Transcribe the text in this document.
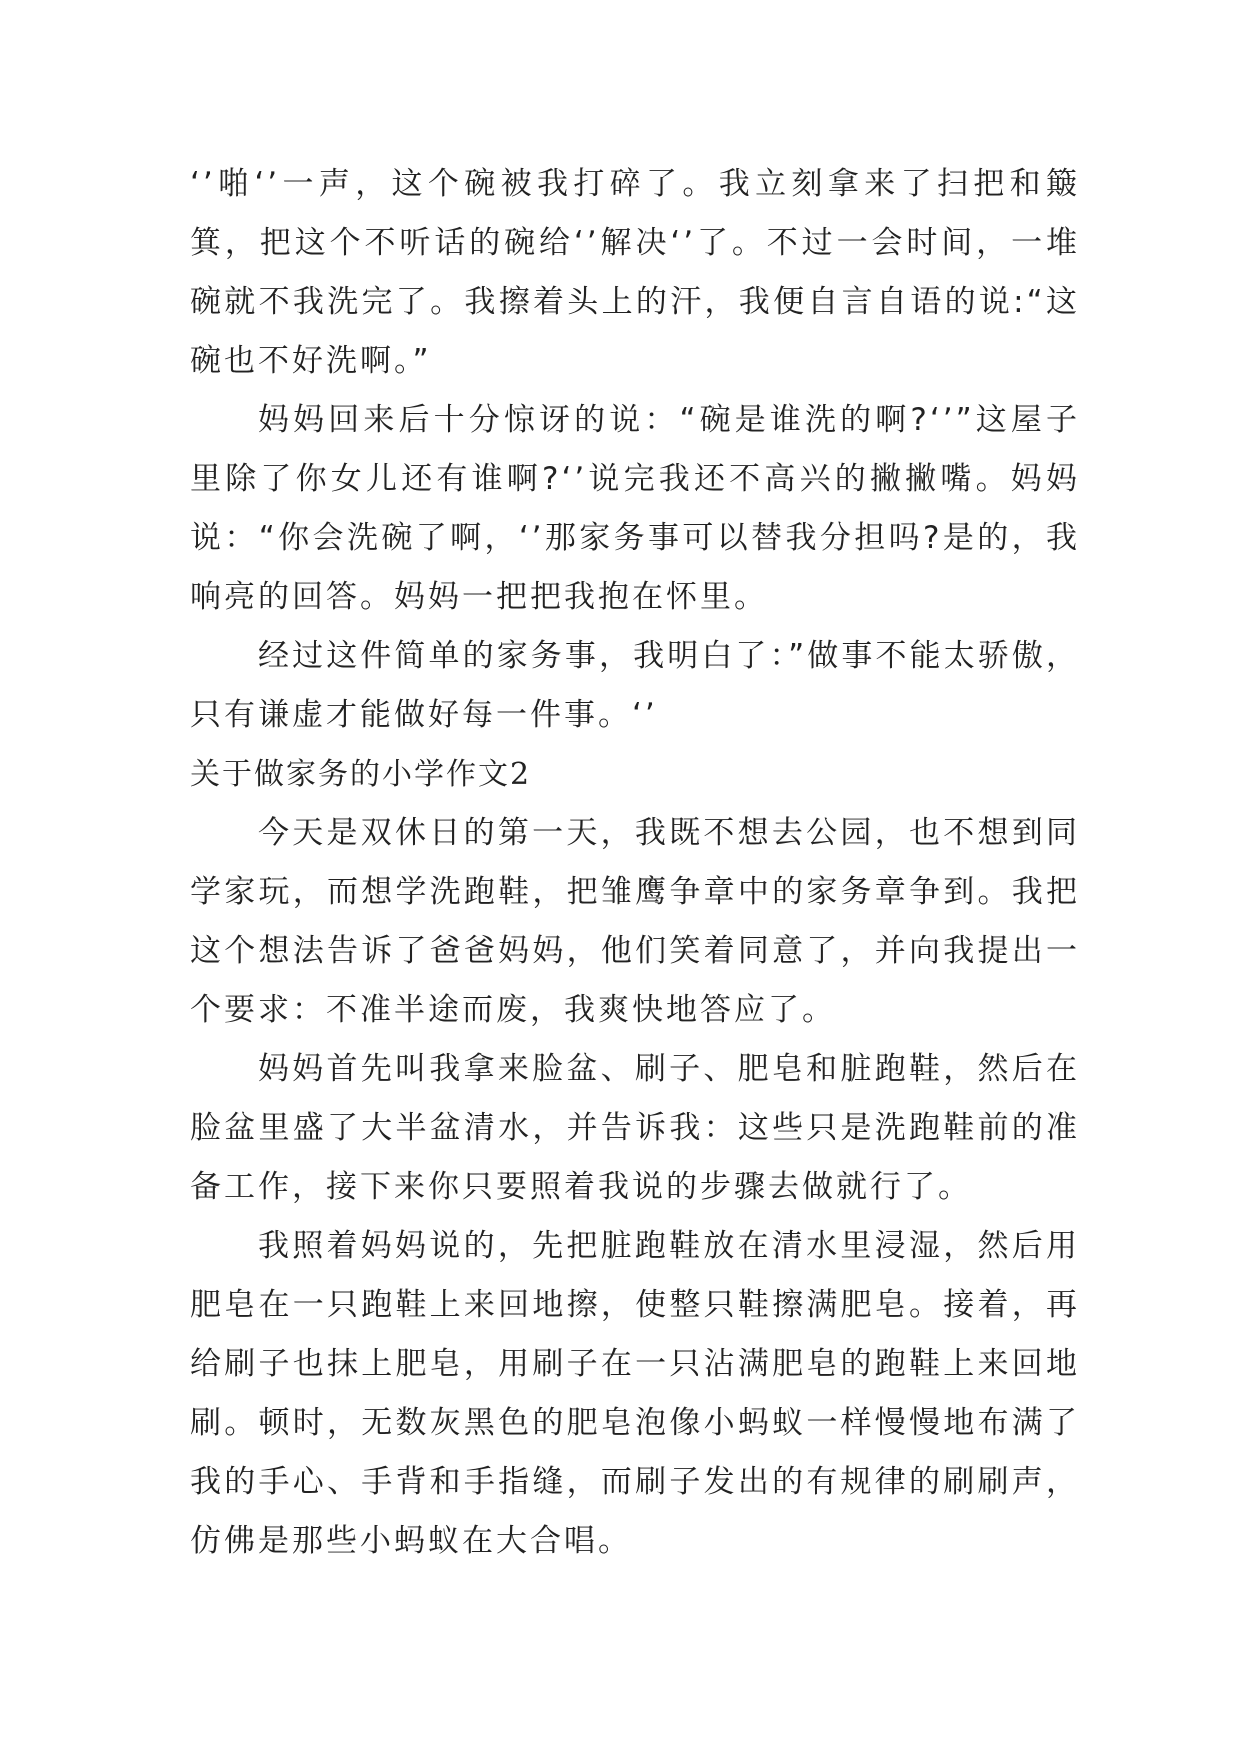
‘’啪‘’一声，这个碗被我打碎了。我立刻拿来了扫把和簸箕，把这个不听话的碗给‘’解决‘’了。不过一会时间，一堆碗就不我洗完了。我擦着头上的汗，我便自言自语的说:“这碗也不好洗啊。”

妈妈回来后十分惊讶的说：“碗是谁洗的啊?‘’”这屋子里除了你女儿还有谁啊?‘’说完我还不高兴的撇撇嘴。妈妈说：“你会洗碗了啊，‘’那家务事可以替我分担吗?是的，我响亮的回答。妈妈一把把我抱在怀里。

经过这件简单的家务事，我明白了：”做事不能太骄傲，只有谦虚才能做好每一件事。‘’

关于做家务的小学作文2

今天是双休日的第一天，我既不想去公园，也不想到同学家玩，而想学洗跑鞋，把雏鹰争章中的家务章争到。我把这个想法告诉了爸爸妈妈，他们笑着同意了，并向我提出一个要求：不准半途而废，我爽快地答应了。

妈妈首先叫我拿来脸盆、刷子、肥皂和脏跑鞋，然后在脸盆里盛了大半盆清水，并告诉我：这些只是洗跑鞋前的准备工作，接下来你只要照着我说的步骤去做就行了。

我照着妈妈说的，先把脏跑鞋放在清水里浸湿，然后用肥皂在一只跑鞋上来回地擦，使整只鞋擦满肥皂。接着，再给刷子也抹上肥皂，用刷子在一只沾满肥皂的跑鞋上来回地刷。顿时，无数灰黑色的肥皂泡像小蚂蚁一样慢慢地布满了我的手心、手背和手指缝，而刷子发出的有规律的刷刷声，仿佛是那些小蚂蚁在大合唱。
